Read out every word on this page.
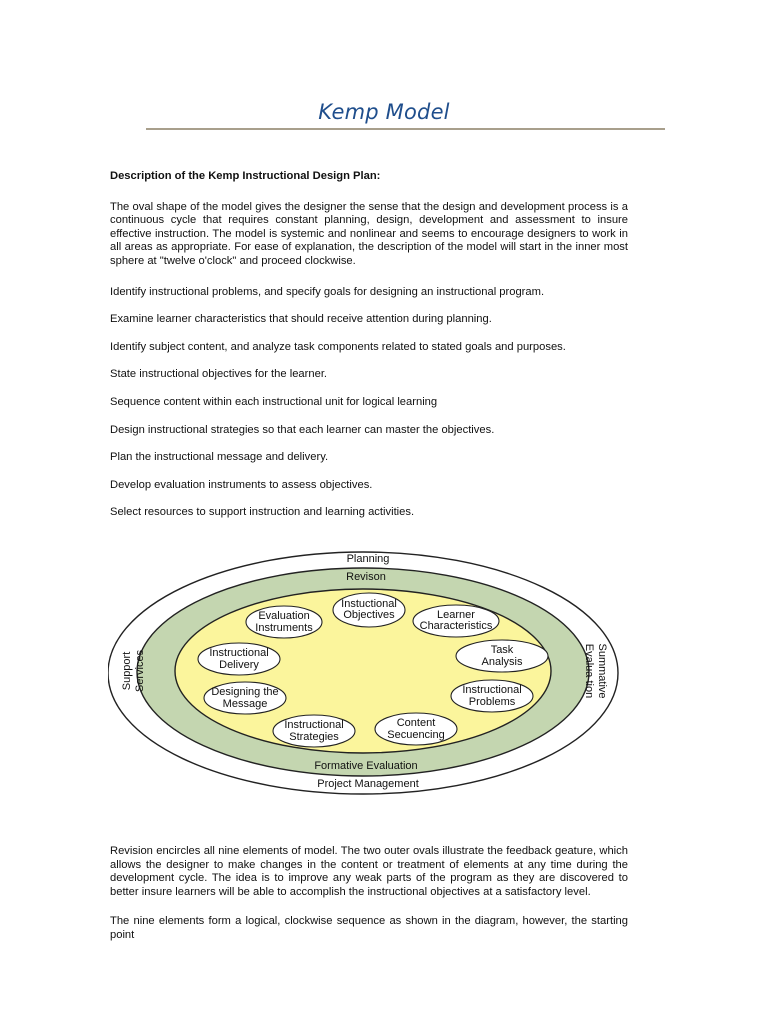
Kemp Model

Description of the Kemp Instructional Design Plan:

The oval shape of the model gives the designer the sense that the design and development process is a continuous cycle that requires constant planning, design, development and assessment to insure effective instruction. The model is systemic and nonlinear and seems to encourage designers to work in all areas as appropriate. For ease of explanation, the description of the model will start in the inner most sphere at "twelve o'clock" and proceed clockwise.

Identify instructional problems, and specify goals for designing an instructional program.

Examine learner characteristics that should receive attention during planning.

Identify subject content, and analyze task components related to stated goals and purposes.

State instructional objectives for the learner.

Sequence content within each instructional unit for logical learning

Design instructional strategies so that each learner can master the objectives.

Plan the instructional message and delivery.

Develop evaluation instruments to assess objectives.

Select resources to support instruction and learning activities.

Planning
Revison
Formative Evaluation
Project Management
Support Services	Summative
Evalua tion
Instuctional
Objectives	Learner
Characteristics
Task
Analysis
Instructional
Problems
Content
Secuencing
Instructional
Strategies
Designing the
Message
Instructional
Delivery
Evaluation
Instruments

Revision encircles all nine elements of model. The two outer ovals illustrate the feedback geature, which allows the designer to make changes in the content or treatment of elements at any time during the development cycle. The idea is to improve any weak parts of the program as they are discovered to better insure learners will be able to accomplish the instructional objectives at a satisfactory level.

The nine elements form a logical, clockwise sequence as shown in the diagram, however, the starting point
